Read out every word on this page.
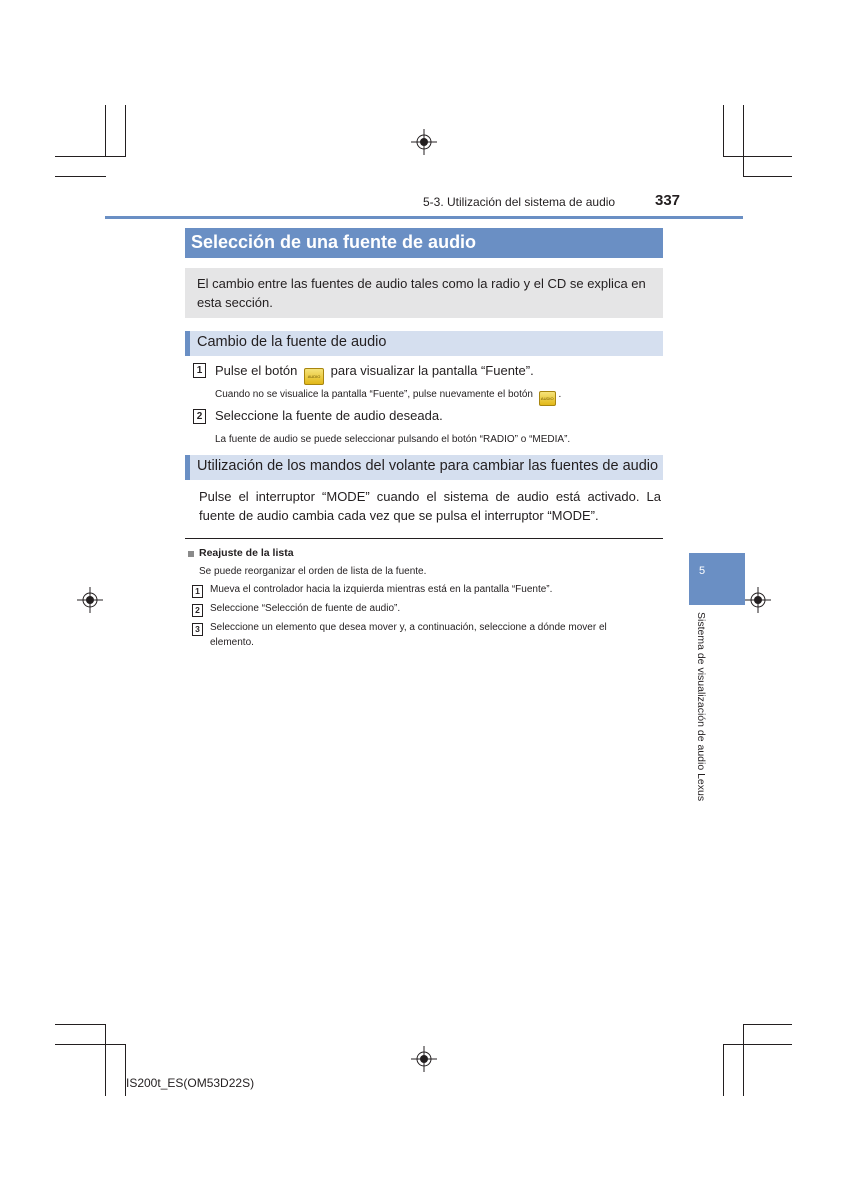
5-3. Utilización del sistema de audio	337
Selección de una fuente de audio

El cambio entre las fuentes de audio tales como la radio y el CD se explica en esta sección.

Cambio de la fuente de audio
1 Pulse el botón	AUDIO para visualizar la pantalla “Fuente”.
Cuando no se visualice la pantalla “Fuente”, pulse nuevamente el botón AUDIO .
2 Seleccione la fuente de audio deseada.
La fuente de audio se puede seleccionar pulsando el botón “RADIO” o “MEDIA”.
Utilización de los mandos del volante para cambiar las fuentes de audio
Pulse el interruptor “MODE” cuando el sistema de audio está activado. La fuente de audio cambia cada vez que se pulsa el interruptor “MODE”.
Reajuste de la lista
Se puede reorganizar el orden de lista de la fuente.
1	Mueva el controlador hacia la izquierda mientras está en la pantalla “Fuente”.
2	Seleccione “Selección de fuente de audio”.
3	Seleccione un elemento que desea mover y, a continuación, seleccione a dónde mover el
elemento.
5
Sistema de visualización de audio Lexus
IS200t_ES(OM53D22S)
